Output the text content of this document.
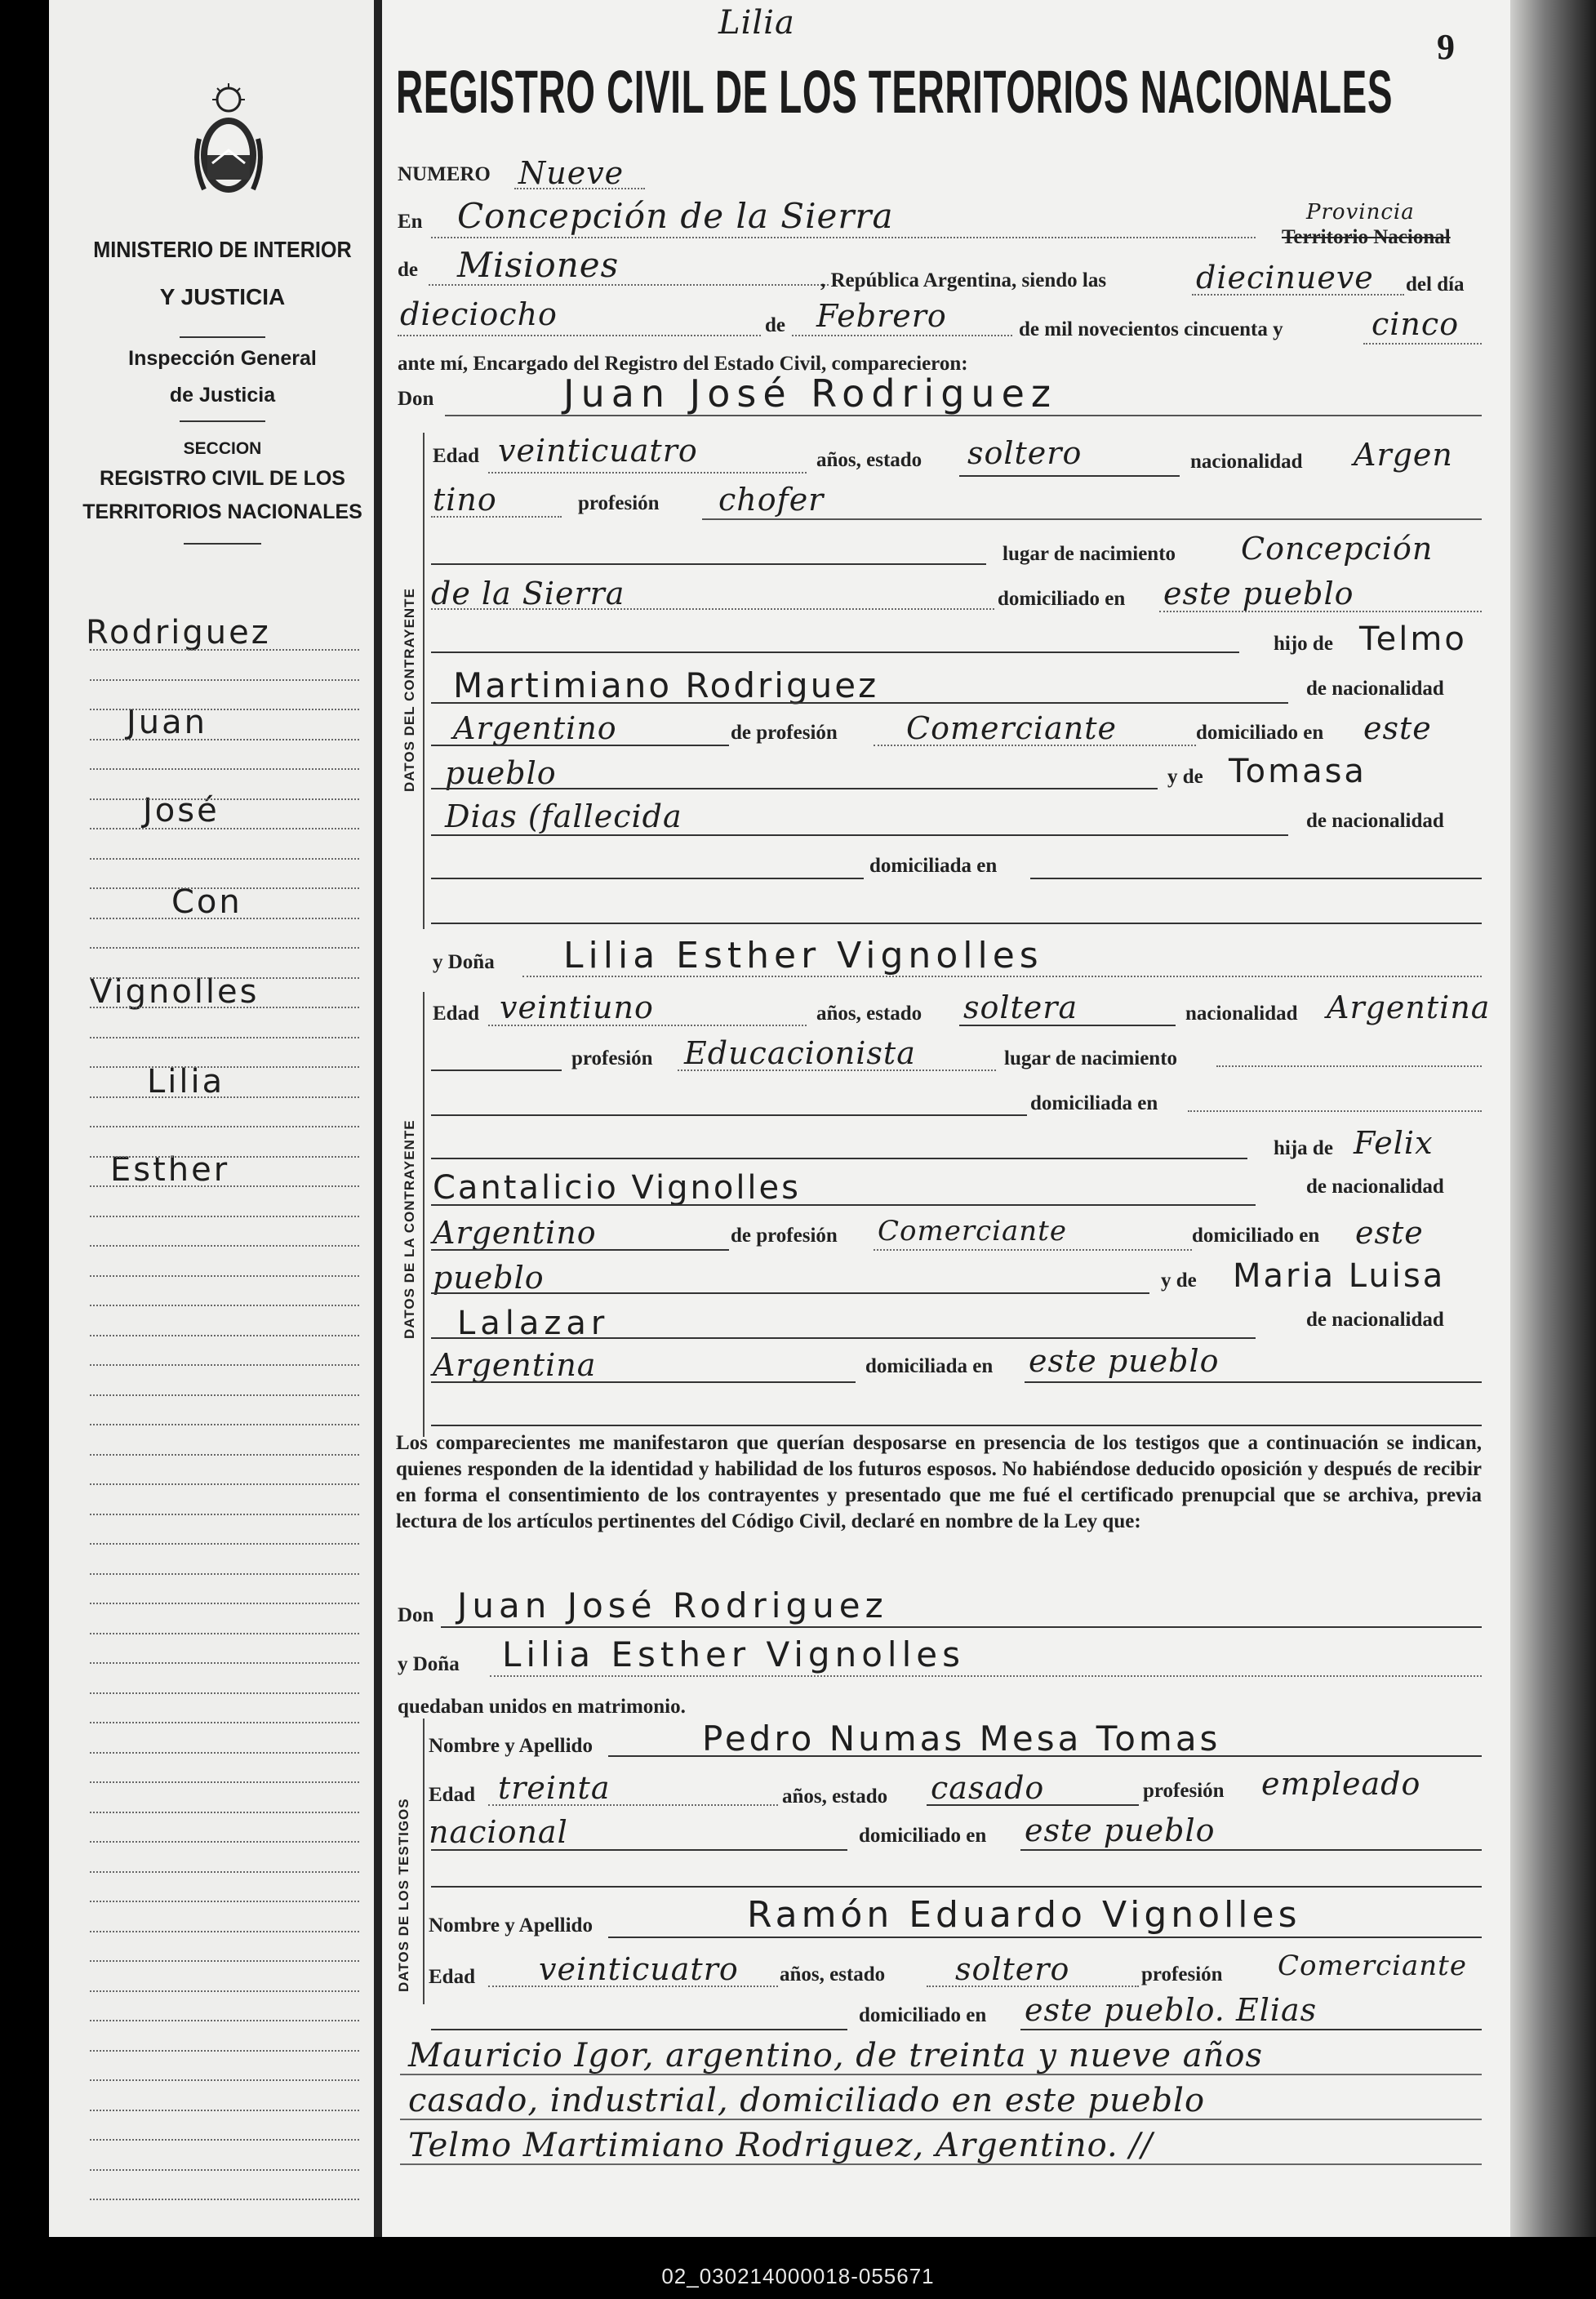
Lilia
9
MINISTERIO DE INTERIOR
Y JUSTICIA
Inspección General
de Justicia
SECCION
REGISTRO CIVIL DE LOS
TERRITORIOS NACIONALES
Rodriguez
Juan
José
Con
Vignolles
Lilia
Esther
REGISTRO CIVIL DE LOS TERRITORIOS NACIONALES
NUMERO Nueve
En Concepción de la Sierra	Provincia
Territorio Nacional
de Misiones	, República Argentina, siendo las	diecinueve del día
dieciocho	de Febrero	de mil novecientos cincuenta y	cinco
ante mí, Encargado del Registro del Estado Civil, comparecieron:
Don	Juan José Rodriguez
DATOS DEL CONTRAYENTE
Edad veinticuatro	años, estado soltero	nacionalidad Argen
tino	profesión chofer
lugar de nacimiento Concepción
de la Sierra	domiciliado en este pueblo
hijo de Telmo
Martimiano Rodriguez	de nacionalidad
Argentino	de profesión Comerciante	domiciliado en este
pueblo	y de Tomasa
Dias (fallecida	de nacionalidad
domiciliada en
y Doña Lilia Esther Vignolles
DATOS DE LA CONTRAYENTE
Edad veintiuno	años, estado soltera	nacionalidad Argentina
profesión Educacionista	lugar de nacimiento
domiciliada en
hija de Felix
Cantalicio Vignolles	de nacionalidad
Argentino	de profesión Comerciante	domiciliado en este
pueblo	y de Maria Luisa
Lalazar	de nacionalidad
Argentina	domiciliada en este pueblo
Los comparecientes me manifestaron que querían desposarse en presencia de los testigos que a continuación se indican, quienes responden de la identidad y habilidad de los futuros esposos. No habiéndose deducido oposición y después de recibir en forma el consentimiento de los contrayentes y presentado que me fué el certificado prenupcial que se archiva, previa lectura de los artículos pertinentes del Código Civil, declaré en nombre de la Ley que:
Don Juan José Rodriguez
y Doña Lilia Esther Vignolles
quedaban unidos en matrimonio.
DATOS DE LOS TESTIGOS
Nombre y Apellido	Pedro Numas Mesa Tomas
Edad treinta	años, estado casado	profesión empleado
nacional	domiciliado en este pueblo
Nombre y Apellido	Ramón Eduardo Vignolles
Edad veinticuatro años, estado soltero	profesión Comerciante
domiciliado en este pueblo. Elias
Mauricio Igor, argentino, de treinta y nueve años
casado, industrial, domiciliado en este pueblo
Telmo Martimiano Rodriguez, Argentino. //
02_030214000018-055671
